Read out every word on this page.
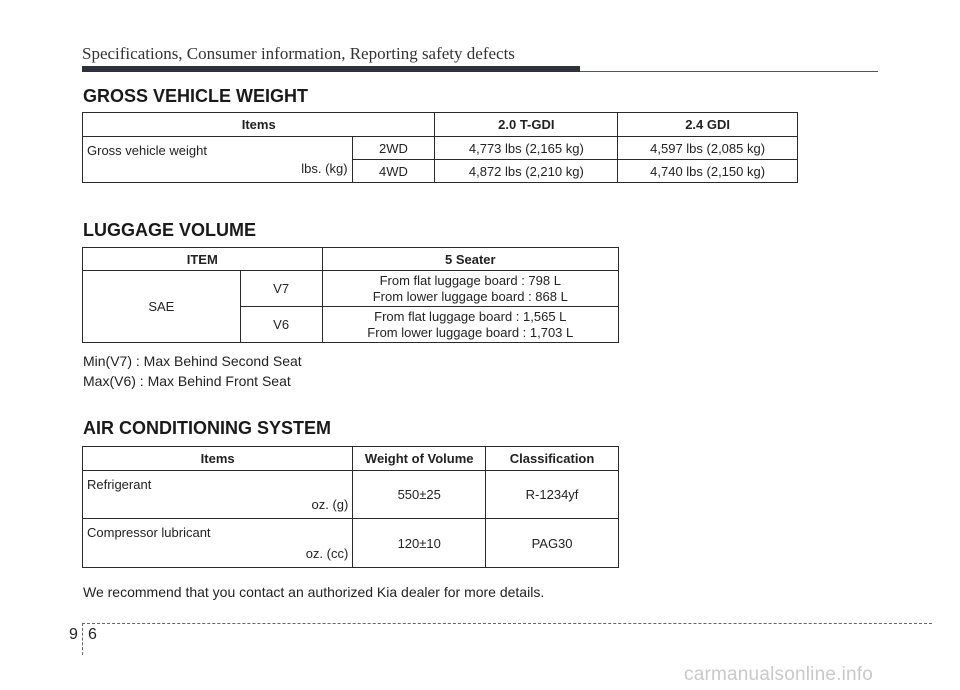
Specifications, Consumer information, Reporting safety defects
GROSS VEHICLE WEIGHT
Items		2.0 T-GDI	2.4 GDI

Gross vehicle weight
lbs. (kg)	2WD	4,773 lbs (2,165 kg)	4,597 lbs (2,085 kg)
	4WD	4,872 lbs (2,210 kg)	4,740 lbs (2,150 kg)
LUGGAGE VOLUME
ITEM		5 Seater
SAE	V7	From flat luggage board : 798 L
From lower luggage board : 868 L

	V6	From flat luggage board : 1,565 L
From lower luggage board : 1,703 L
Min(V7) : Max Behind Second Seat
Max(V6) : Max Behind Front Seat
AIR CONDITIONING SYSTEM
Items	Weight of Volume	Classification

Refrigerant
oz. (g)	550±25	R-1234yf

Compressor lubricant
oz. (cc)	120±10	PAG30
We recommend that you contact an authorized Kia dealer for more details.
9 6
carmanualsonline.info
